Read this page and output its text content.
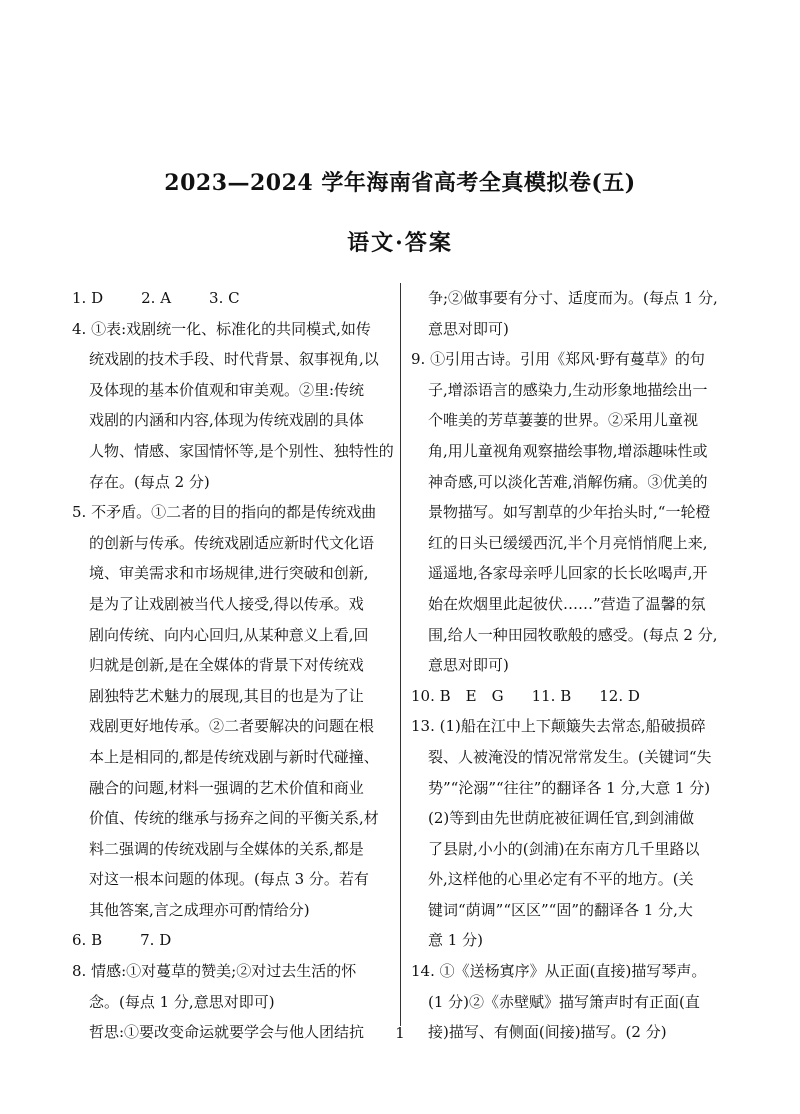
2023—2024 学年海南省高考全真模拟卷(五)
语文·答案
1. D	2. A	3. C
4. ①表:戏剧统一化、标准化的共同模式,如传
统戏剧的技术手段、时代背景、叙事视角,以
及体现的基本价值观和审美观。②里:传统
戏剧的内涵和内容,体现为传统戏剧的具体
人物、情感、家国情怀等,是个别性、独特性的
存在。(每点 2 分)
5. 不矛盾。①二者的目的指向的都是传统戏曲
的创新与传承。传统戏剧适应新时代文化语
境、审美需求和市场规律,进行突破和创新,
是为了让戏剧被当代人接受,得以传承。戏
剧向传统、向内心回归,从某种意义上看,回
归就是创新,是在全媒体的背景下对传统戏
剧独特艺术魅力的展现,其目的也是为了让
戏剧更好地传承。②二者要解决的问题在根
本上是相同的,都是传统戏剧与新时代碰撞、
融合的问题,材料一强调的艺术价值和商业
价值、传统的继承与扬弃之间的平衡关系,材
料二强调的传统戏剧与全媒体的关系,都是
对这一根本问题的体现。(每点 3 分。若有
其他答案,言之成理亦可酌情给分)
6. B	7. D
8. 情感:①对蔓草的赞美;②对过去生活的怀
念。(每点 1 分,意思对即可)
哲思:①要改变命运就要学会与他人团结抗
争;②做事要有分寸、适度而为。(每点 1 分,
意思对即可)
9. ①引用古诗。引用《郑风·野有蔓草》的句
子,增添语言的感染力,生动形象地描绘出一
个唯美的芳草萋萋的世界。②采用儿童视
角,用儿童视角观察描绘事物,增添趣味性或
神奇感,可以淡化苦难,消解伤痛。③优美的
景物描写。如写割草的少年抬头时,“一轮橙
红的日头已缓缓西沉,半个月亮悄悄爬上来,
遥遥地,各家母亲呼儿回家的长长吆喝声,开
始在炊烟里此起彼伏……”营造了温馨的氛
围,给人一种田园牧歌般的感受。(每点 2 分,
意思对即可)
10. B　E　G 11. B 12. D
13. (1)船在江中上下颠簸失去常态,船破损碎
裂、人被淹没的情况常常发生。(关键词“失
势”“沦溺”“往往”的翻译各 1 分,大意 1 分)
(2)等到由先世荫庇被征调任官,到剑浦做
了县尉,小小的(剑浦)在东南方几千里路以
外,这样他的心里必定有不平的地方。(关
键词“荫调”“区区”“固”的翻译各 1 分,大
意 1 分)
14. ①《送杨寘序》从正面(直接)描写琴声。
(1 分)②《赤壁赋》描写箫声时有正面(直
接)描写、有侧面(间接)描写。(2 分)
1
